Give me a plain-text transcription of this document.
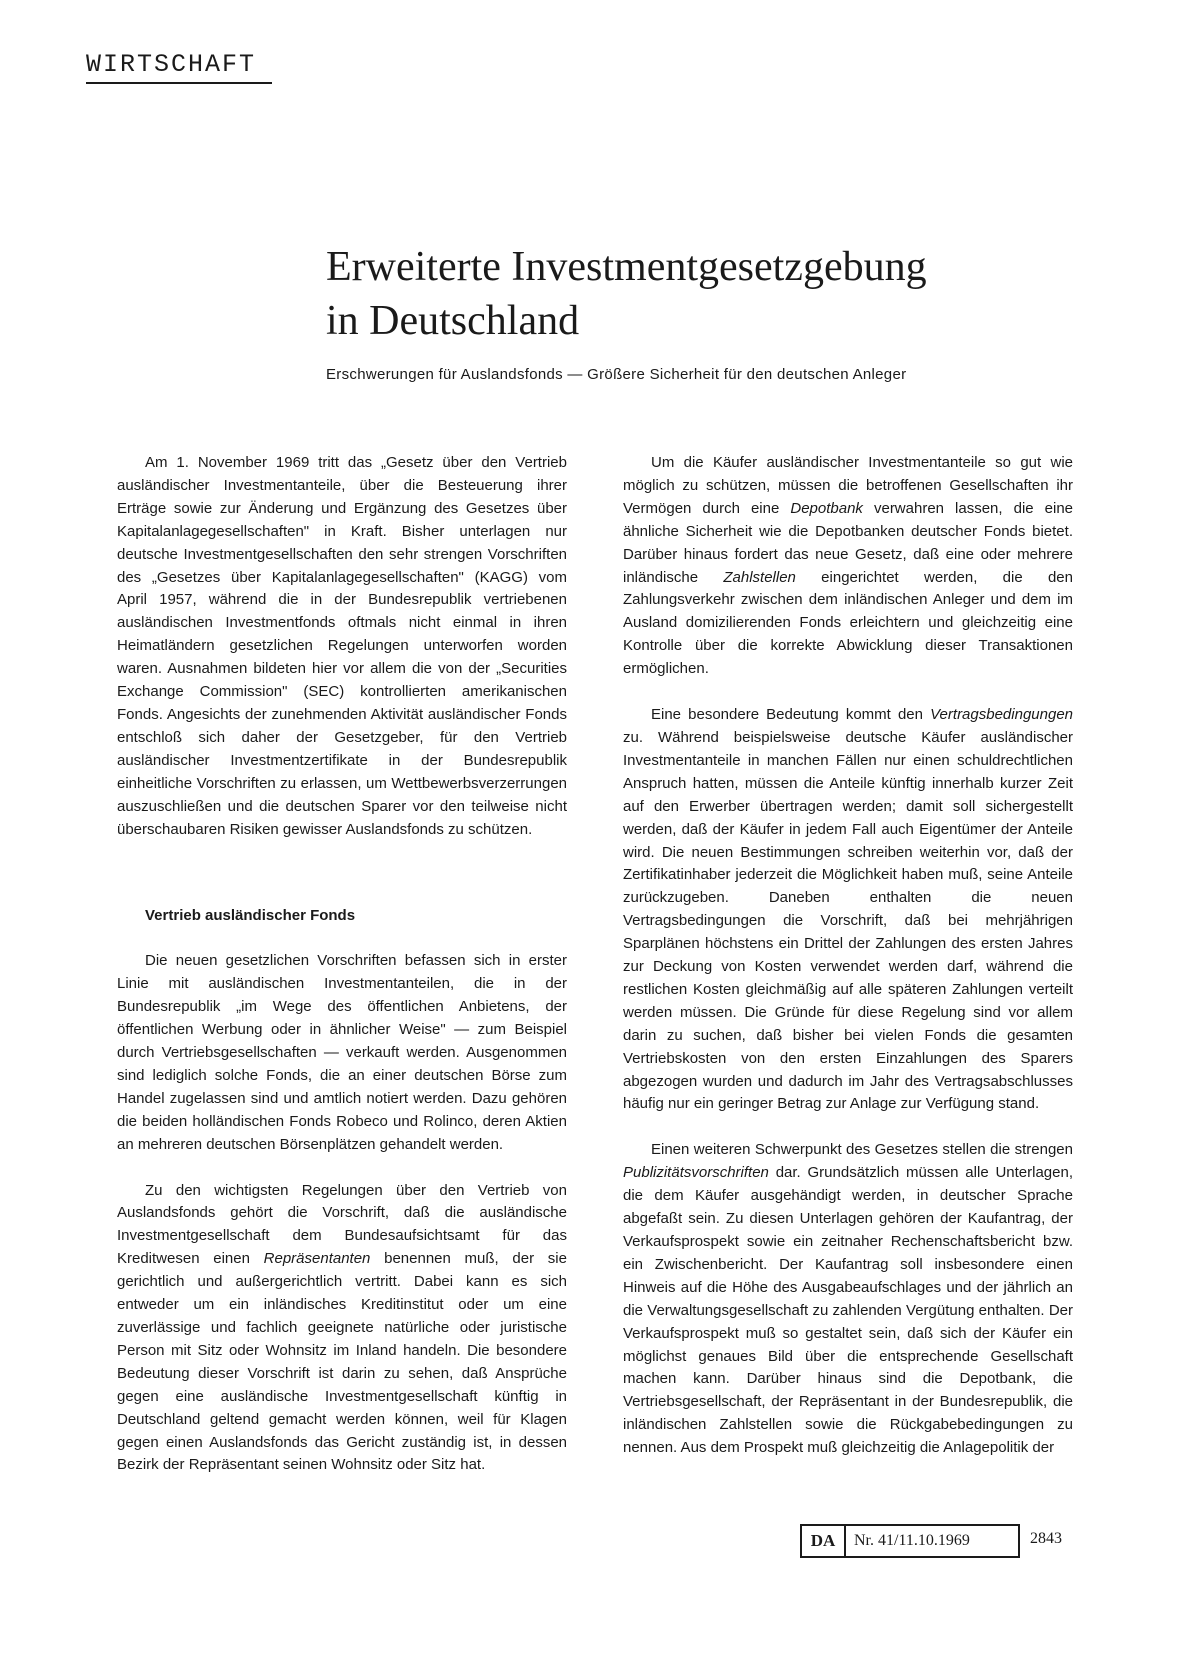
WIRTSCHAFT
Erweiterte Investmentgesetzgebung
in Deutschland

Erschwerungen für Auslandsfonds — Größere Sicherheit für den deutschen Anleger

Am 1. November 1969 tritt das „Gesetz über den Vertrieb ausländischer Investmentanteile, über die Besteuerung ihrer Erträge sowie zur Änderung und Ergänzung des Gesetzes über Kapitalanlagegesellschaften" in Kraft. Bisher unterlagen nur deutsche Investmentgesellschaften den sehr strengen Vorschriften des „Gesetzes über Kapitalanlagegesellschaften" (KAGG) vom April 1957, während die in der Bundesrepublik vertriebenen ausländischen Investmentfonds oftmals nicht einmal in ihren Heimatländern gesetzlichen Regelungen unterworfen worden waren. Ausnahmen bildeten hier vor allem die von der „Securities Exchange Commission" (SEC) kontrollierten amerikanischen Fonds. Angesichts der zunehmenden Aktivität ausländischer Fonds entschloß sich daher der Gesetzgeber, für den Vertrieb ausländischer Investmentzertifikate in der Bundesrepublik einheitliche Vorschriften zu erlassen, um Wettbewerbsverzerrungen auszuschließen und die deutschen Sparer vor den teilweise nicht überschaubaren Risiken gewisser Auslandsfonds zu schützen.

Vertrieb ausländischer Fonds

Die neuen gesetzlichen Vorschriften befassen sich in erster Linie mit ausländischen Investmentanteilen, die in der Bundesrepublik „im Wege des öffentlichen Anbietens, der öffentlichen Werbung oder in ähnlicher Weise" — zum Beispiel durch Vertriebsgesellschaften — verkauft werden. Ausgenommen sind lediglich solche Fonds, die an einer deutschen Börse zum Handel zugelassen sind und amtlich notiert werden. Dazu gehören die beiden holländischen Fonds Robeco und Rolinco, deren Aktien an mehreren deutschen Börsenplätzen gehandelt werden.

Zu den wichtigsten Regelungen über den Vertrieb von Auslandsfonds gehört die Vorschrift, daß die ausländische Investmentgesellschaft dem Bundesaufsichtsamt für das Kreditwesen einen Repräsentanten benennen muß, der sie gerichtlich und außergerichtlich vertritt. Dabei kann es sich entweder um ein inländisches Kreditinstitut oder um eine zuverlässige und fachlich geeignete natürliche oder juristische Person mit Sitz oder Wohnsitz im Inland handeln. Die besondere Bedeutung dieser Vorschrift ist darin zu sehen, daß Ansprüche gegen eine ausländische Investmentgesellschaft künftig in Deutschland geltend gemacht werden können, weil für Klagen gegen einen Auslandsfonds das Gericht zuständig ist, in dessen Bezirk der Repräsentant seinen Wohnsitz oder Sitz hat.

Um die Käufer ausländischer Investmentanteile so gut wie möglich zu schützen, müssen die betroffenen Gesellschaften ihr Vermögen durch eine Depotbank verwahren lassen, die eine ähnliche Sicherheit wie die Depotbanken deutscher Fonds bietet. Darüber hinaus fordert das neue Gesetz, daß eine oder mehrere inländische Zahlstellen eingerichtet werden, die den Zahlungsverkehr zwischen dem inländischen Anleger und dem im Ausland domizilierenden Fonds erleichtern und gleichzeitig eine Kontrolle über die korrekte Abwicklung dieser Transaktionen ermöglichen.

Eine besondere Bedeutung kommt den Vertragsbedingungen zu. Während beispielsweise deutsche Käufer ausländischer Investmentanteile in manchen Fällen nur einen schuldrechtlichen Anspruch hatten, müssen die Anteile künftig innerhalb kurzer Zeit auf den Erwerber übertragen werden; damit soll sichergestellt werden, daß der Käufer in jedem Fall auch Eigentümer der Anteile wird. Die neuen Bestimmungen schreiben weiterhin vor, daß der Zertifikatinhaber jederzeit die Möglichkeit haben muß, seine Anteile zurückzugeben. Daneben enthalten die neuen Vertragsbedingungen die Vorschrift, daß bei mehrjährigen Sparplänen höchstens ein Drittel der Zahlungen des ersten Jahres zur Deckung von Kosten verwendet werden darf, während die restlichen Kosten gleichmäßig auf alle späteren Zahlungen verteilt werden müssen. Die Gründe für diese Regelung sind vor allem darin zu suchen, daß bisher bei vielen Fonds die gesamten Vertriebskosten von den ersten Einzahlungen des Sparers abgezogen wurden und dadurch im Jahr des Vertragsabschlusses häufig nur ein geringer Betrag zur Anlage zur Verfügung stand.

Einen weiteren Schwerpunkt des Gesetzes stellen die strengen Publizitätsvorschriften dar. Grundsätzlich müssen alle Unterlagen, die dem Käufer ausgehändigt werden, in deutscher Sprache abgefaßt sein. Zu diesen Unterlagen gehören der Kaufantrag, der Verkaufsprospekt sowie ein zeitnaher Rechenschaftsbericht bzw. ein Zwischenbericht. Der Kaufantrag soll insbesondere einen Hinweis auf die Höhe des Ausgabeaufschlages und der jährlich an die Verwaltungsgesellschaft zu zahlenden Vergütung enthalten. Der Verkaufsprospekt muß so gestaltet sein, daß sich der Käufer ein möglichst genaues Bild über die entsprechende Gesellschaft machen kann. Darüber hinaus sind die Depotbank, die Vertriebsgesellschaft, der Repräsentant in der Bundesrepublik, die inländischen Zahlstellen sowie die Rückgabebedingungen zu nennen. Aus dem Prospekt muß gleichzeitig die Anlagepolitik der

DA	Nr. 41/11.10.1969	2843
